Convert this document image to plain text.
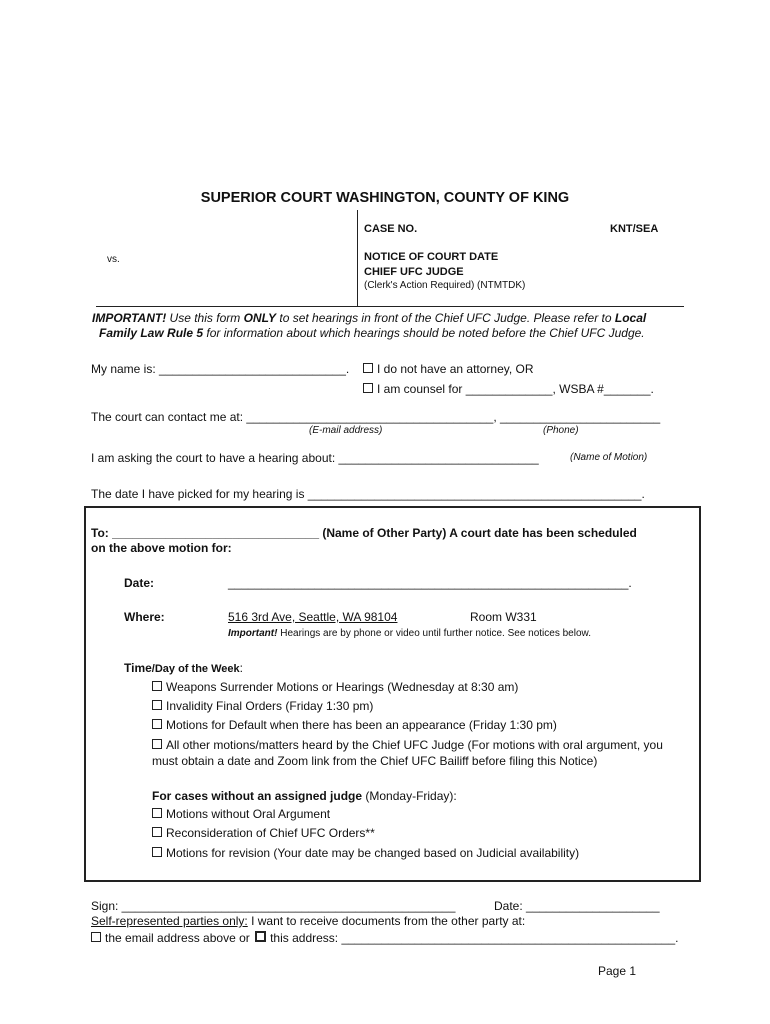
SUPERIOR COURT WASHINGTON, COUNTY OF KING
CASE NO.	KNT/SEA
vs.	NOTICE OF COURT DATE
CHIEF UFC JUDGE
(Clerk's Action Required) (NTMTDK)
IMPORTANT! Use this form ONLY to set hearings in front of the Chief UFC Judge. Please refer to Local
Family Law Rule 5 for information about which hearings should be noted before the Chief UFC Judge.
My name is: ____________________________.	I do not have an attorney, OR
I am counsel for _____________, WSBA #_______.
The court can contact me at: _____________________________________, ________________________
(E-mail address)	(Phone)
I am asking the court to have a hearing about: ______________________________	(Name of Motion)
The date I have picked for my hearing is __________________________________________________.
To: _______________________________ (Name of Other Party) A court date has been scheduled
on the above motion for:
Date:	____________________________________________________________.
Where:	516 3rd Ave, Seattle, WA 98104	Room W331
Important! Hearings are by phone or video until further notice. See notices below.
Time/Day of the Week:
Weapons Surrender Motions or Hearings (Wednesday at 8:30 am)
Invalidity Final Orders (Friday 1:30 pm)
Motions for Default when there has been an appearance (Friday 1:30 pm)
All other motions/matters heard by the Chief UFC Judge (For motions with oral argument, you
must obtain a date and Zoom link from the Chief UFC Bailiff before filing this Notice)
For cases without an assigned judge (Monday-Friday):
Motions without Oral Argument
Reconsideration of Chief UFC Orders**
Motions for revision (Your date may be changed based on Judicial availability)
Sign: __________________________________________________	Date: ____________________
Self-represented parties only: I want to receive documents from the other party at:
the email address above or this address: __________________________________________________.
Page 1
